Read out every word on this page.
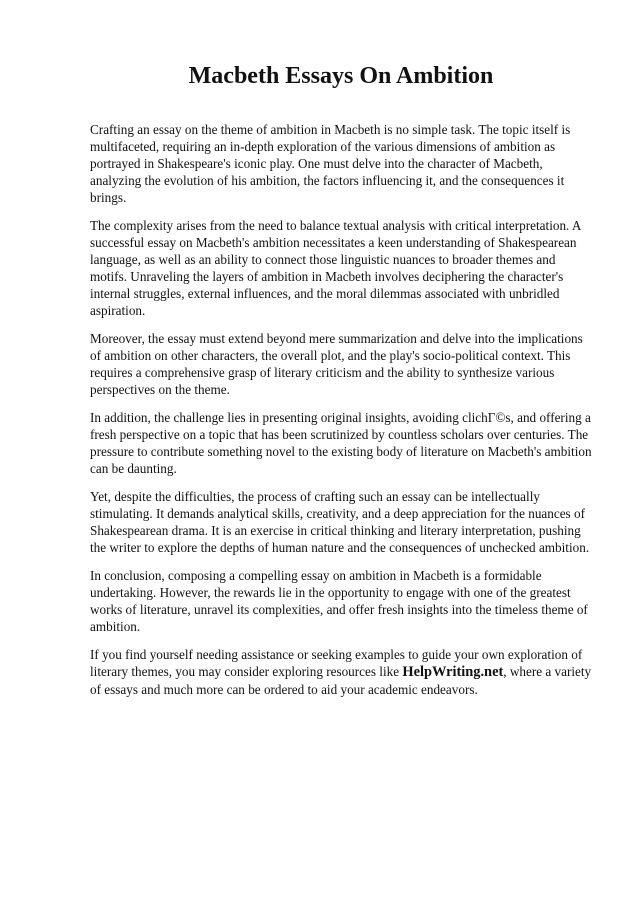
Macbeth Essays On Ambition

Crafting an essay on the theme of ambition in Macbeth is no simple task. The topic itself is multifaceted, requiring an in-depth exploration of the various dimensions of ambition as portrayed in Shakespeare's iconic play. One must delve into the character of Macbeth, analyzing the evolution of his ambition, the factors influencing it, and the consequences it brings.

The complexity arises from the need to balance textual analysis with critical interpretation. A successful essay on Macbeth's ambition necessitates a keen understanding of Shakespearean language, as well as an ability to connect those linguistic nuances to broader themes and motifs. Unraveling the layers of ambition in Macbeth involves deciphering the character's internal struggles, external influences, and the moral dilemmas associated with unbridled aspiration.

Moreover, the essay must extend beyond mere summarization and delve into the implications of ambition on other characters, the overall plot, and the play's socio-political context. This requires a comprehensive grasp of literary criticism and the ability to synthesize various perspectives on the theme.

In addition, the challenge lies in presenting original insights, avoiding clichГ©s, and offering a fresh perspective on a topic that has been scrutinized by countless scholars over centuries. The pressure to contribute something novel to the existing body of literature on Macbeth's ambition can be daunting.

Yet, despite the difficulties, the process of crafting such an essay can be intellectually stimulating. It demands analytical skills, creativity, and a deep appreciation for the nuances of Shakespearean drama. It is an exercise in critical thinking and literary interpretation, pushing the writer to explore the depths of human nature and the consequences of unchecked ambition.

In conclusion, composing a compelling essay on ambition in Macbeth is a formidable undertaking. However, the rewards lie in the opportunity to engage with one of the greatest works of literature, unravel its complexities, and offer fresh insights into the timeless theme of ambition.

If you find yourself needing assistance or seeking examples to guide your own exploration of literary themes, you may consider exploring resources like HelpWriting.net, where a variety of essays and much more can be ordered to aid your academic endeavors.
